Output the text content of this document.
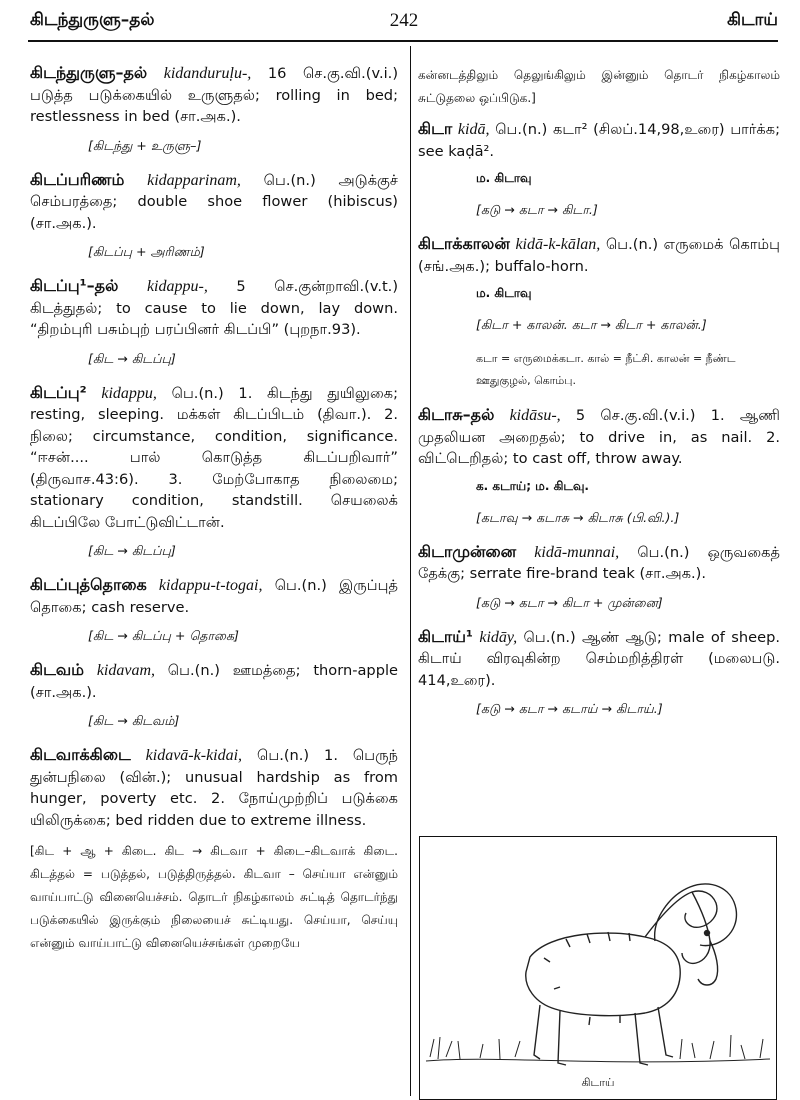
கிடந்துருளு–தல்	242	கிடாய்

கிடந்துருளு–தல் kidanduruḷu-, 16 செ.கு.வி.(v.i.) படுத்த படுக்கையில் உருளுதல்; rolling in bed; restlessness in bed (சா.அக.).

[கிடந்து + உருளு–]

கிடப்பரிணம் kidapparinam, பெ.(n.) அடுக்குச் செம்பரத்தை; double shoe flower (hibiscus) (சா.அக.).

[கிடப்பு + அரிணம்]

கிடப்பு¹–தல் kidappu-, 5 செ.குன்றாவி.(v.t.) கிடத்துதல்; to cause to lie down, lay down. “திறம்புரி பசும்புற் பரப்பினர் கிடப்பி” (புறநா.93).

[கிட → கிடப்பு]

கிடப்பு² kidappu, பெ.(n.) 1. கிடந்து துயிலுகை; resting, sleeping. மக்கள் கிடப்பிடம் (திவா.). 2. நிலை; circumstance, condition, significance. “ஈசன்.... பால் கொடுத்த கிடப்பறிவார்” (திருவாச.43:6). 3. மேற்போகாத நிலைமை; stationary condition, standstill. செயலைக் கிடப்பிலே போட்டுவிட்டான்.

[கிட → கிடப்பு]

கிடப்புத்தொகை kidappu-t-togai, பெ.(n.) இருப்புத் தொகை; cash reserve.

[கிட → கிடப்பு + தொகை]

கிடவம் kidavam, பெ.(n.) ஊமத்தை; thorn-apple (சா.அக.).

[கிட → கிடவம்]

கிடவாக்கிடை kidavā-k-kidai, பெ.(n.) 1. பெருந் துன்பநிலை (வின்.); unusual hardship as from hunger, poverty etc. 2. நோய்முற்றிப் படுக்கை யிலிருக்கை; bed ridden due to extreme illness.

[கிட + ஆ + கிடை. கிட → கிடவா + கிடை–கிடவாக் கிடை. கிடத்தல் = படுத்தல், படுத்திருத்தல். கிடவா – செய்யா என்னும் வாய்பாட்டு வினையெச்சம். தொடர் நிகழ்காலம் சுட்டித் தொடர்ந்து படுக்கையில் இருக்கும் நிலையைச் சுட்டியது. செய்யா, செய்யு என்னும் வாய்பாட்டு வினையெச்சங்கள் முறையே

கன்னடத்திலும் தெலுங்கிலும் இன்னும் தொடர் நிகழ்காலம் சுட்டுதலை ஒப்பிடுக.]

கிடா kidā, பெ.(n.) கடா² (சிலப்.14,98,உரை) பார்க்க; see kaḍā².

ம. கிடாவு

[கடு → கடா → கிடா.]

கிடாக்காலன் kidā-k-kālan, பெ.(n.) எருமைக் கொம்பு (சங்.அக.); buffalo-horn.

ம. கிடாவு

[கிடா + காலன். கடா → கிடா + காலன்.]

கடா = எருமைக்கடா. கால் = நீட்சி. காலன் = நீண்ட ஊதுகுழல், கொம்பு.

கிடாசு–தல் kidāsu-, 5 செ.கு.வி.(v.i.) 1. ஆணி முதலியன அறைதல்; to drive in, as nail. 2. விட்டெறிதல்; to cast off, throw away.

க. கடாய்; ம. கிடவு.

[கடாவு → கடாசு → கிடாசு (பி.வி.).]

கிடாமுன்னை kidā-munnai, பெ.(n.) ஒருவகைத் தேக்கு; serrate fire-brand teak (சா.அக.).

[கடு → கடா → கிடா + முன்னை]

கிடாய்¹ kidāy, பெ.(n.) ஆண் ஆடு; male of sheep. கிடாய் விரவுகின்ற செம்மறித்திரள் (மலைபடு. 414,உரை).

[கடு → கடா → கடாய் → கிடாய்.]

கிடாய்
